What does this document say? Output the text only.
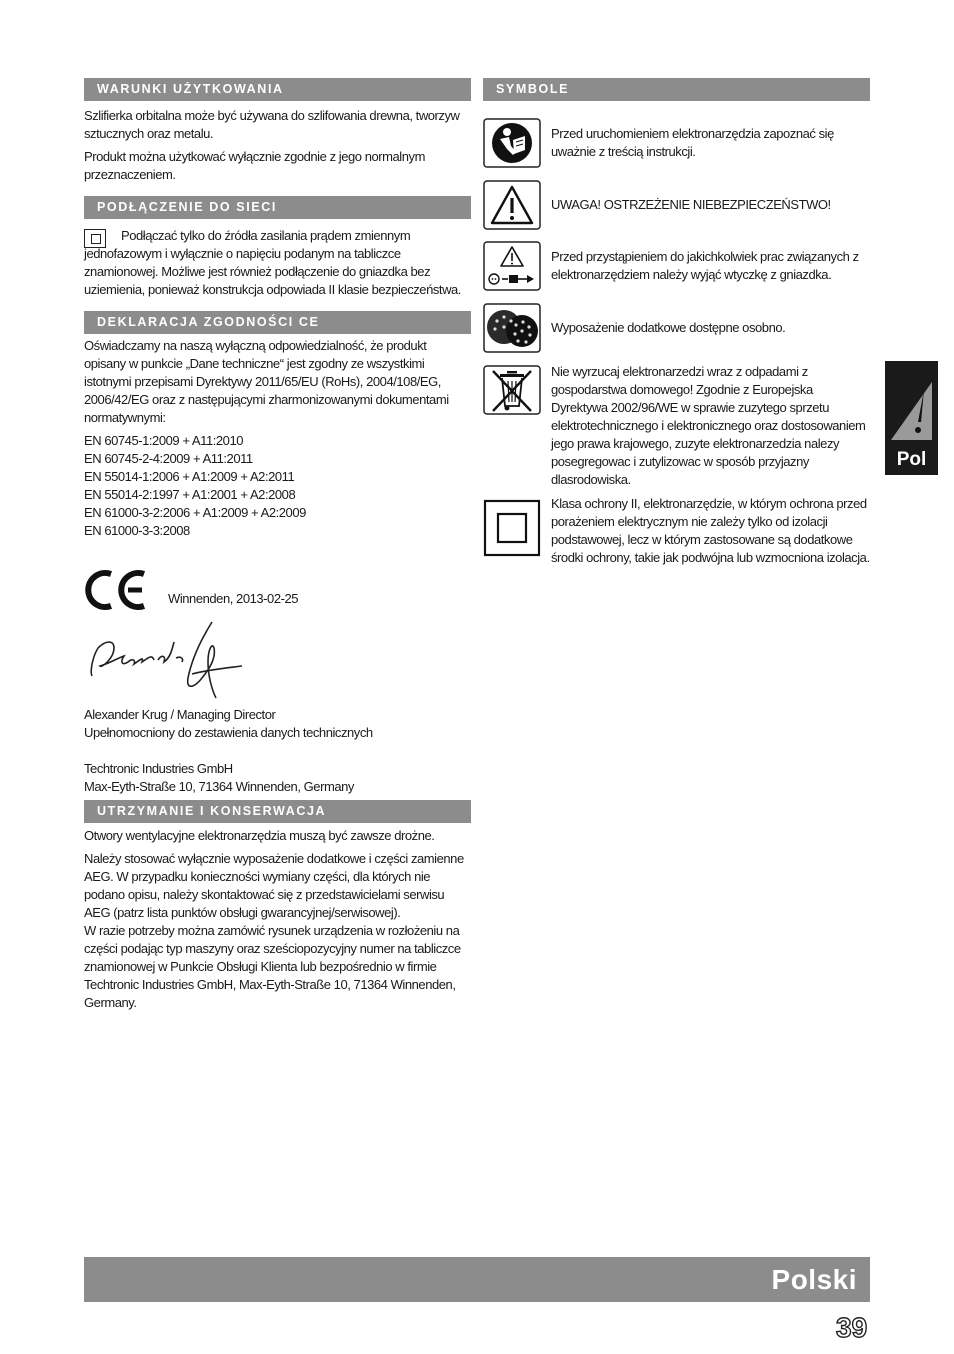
WARUNKI UŻYTKOWANIA

Szlifierka orbitalna może być używana do szlifowania drewna, tworzyw sztucznych oraz metalu.

Produkt można użytkować wyłącznie zgodnie z jego normalnym przeznaczeniem.

PODŁĄCZENIE DO SIECI

Podłączać tylko do źródła zasilania prądem zmiennym jednofazowym i wyłącznie o napięciu podanym na tabliczce znamionowej. Możliwe jest również podłączenie do gniazdka bez uziemienia, ponieważ konstrukcja odpowiada II klasie bezpieczeństwa.

DEKLARACJA ZGODNOŚCI CE

Oświadczamy na naszą wyłączną odpowiedzialność, że produkt opisany w punkcie „Dane techniczne“ jest zgodny ze wszystkimi istotnymi przepisami Dyrektywy 2011/65/EU (RoHs), 2004/108/EG, 2006/42/EG oraz z następującymi zharmonizowanymi dokumentami normatywnymi:

EN 60745-1:2009 + A11:2010
EN 60745-2-4:2009 + A11:2011
EN 55014-1:2006 + A1:2009 + A2:2011
EN 55014-2:1997 + A1:2001 + A2:2008
EN 61000-3-2:2006 + A1:2009 + A2:2009
EN 61000-3-3:2008
Winnenden, 2013-02-25

Alexander Krug / Managing Director

Upełnomocniony do zestawienia danych technicznych

Techtronic Industries GmbH

Max-Eyth-Straße 10, 71364 Winnenden, Germany

UTRZYMANIE I KONSERWACJA

Otwory wentylacyjne elektronarzędzia muszą być zawsze drożne.

Należy stosować wyłącznie wyposażenie dodatkowe i części zamienne AEG. W przypadku konieczności wymiany części, dla których nie podano opisu, należy skontaktować się z przedstawicielami serwisu AEG (patrz lista punktów obsługi gwarancyjnej/serwisowej).

W razie potrzeby można zamówić rysunek urządzenia w rozłożeniu na części podając typ maszyny oraz sześciopozycyjny numer na tabliczce znamionowej w Punkcie Obsługi Klienta lub bezpośrednio w firmie Techtronic Industries GmbH, Max-Eyth-Straße 10, 71364 Winnenden, Germany.

SYMBOLE

Przed uruchomieniem elektronarzędzia zapoznać się uważnie z treścią instrukcji.

UWAGA! OSTRZEŻENIE NIEBEZPIECZEŃSTWO!

Przed przystąpieniem do jakichkolwiek prac związanych z elektronarzędziem należy wyjąć wtyczkę z gniazdka.

Wyposażenie dodatkowe dostępne osobno.

Nie wyrzucaj elektronarzedzi wraz z odpadami z gospodarstwa domowego! Zgodnie z Europejska Dyrektywa 2002/96/WE w sprawie zuzytego sprzetu elektrotechnicznego i elektronicznego oraz dostosowaniem jego prawa krajowego, zuzyte elektronarzedzia nalezy posegregowac i zutylizowac w sposób przyjazny dlasrodowiska.

Klasa ochrony II, elektronarzędzie, w którym ochrona przed porażeniem elektrycznym nie zależy tylko od izolacji podstawowej, lecz w którym zastosowane są dodatkowe środki ochrony, takie jak podwójna lub wzmocniona izolacja.

Pol
Polski
39
